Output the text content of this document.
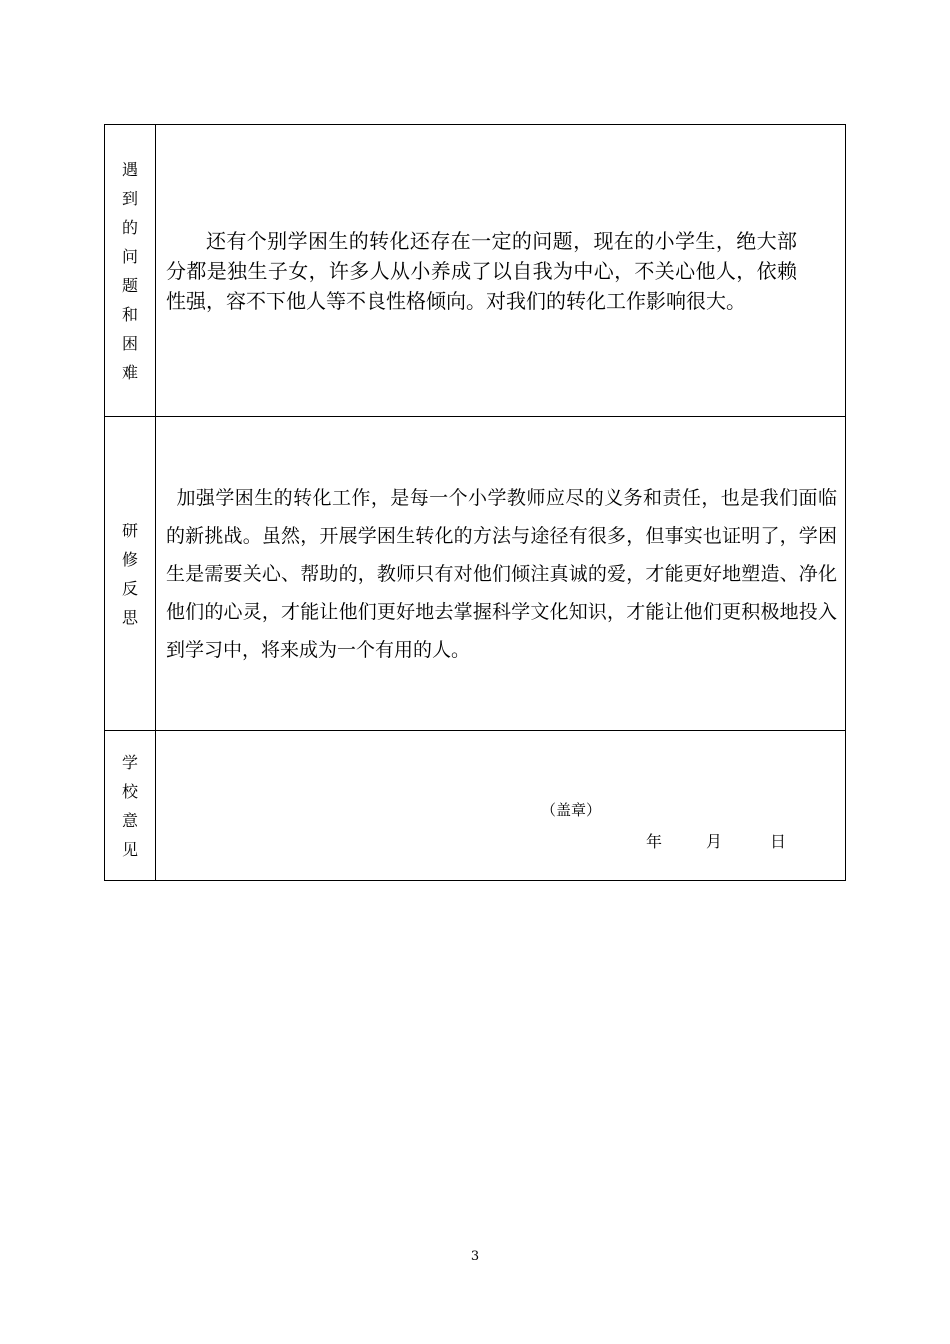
遇到的问题和困难	还有个别学困生的转化还存在一定的问题，现在的小学生，绝大部分都是独生子女，许多人从小养成了以自我为中心，不关心他人，依赖性强，容不下他人等不良性格倾向。对我们的转化工作影响很大。

研修反思	加强学困生的转化工作，是每一个小学教师应尽的义务和责任，也是我们面临的新挑战。虽然，开展学困生转化的方法与途径有很多，但事实也证明了，学困生是需要关心、帮助的，教师只有对他们倾注真诚的爱，才能更好地塑造、净化他们的心灵，才能让他们更好地去掌握科学文化知识，才能让他们更积极地投入到学习中，将来成为一个有用的人。

学校意见	（盖章）
年 月 日
3
